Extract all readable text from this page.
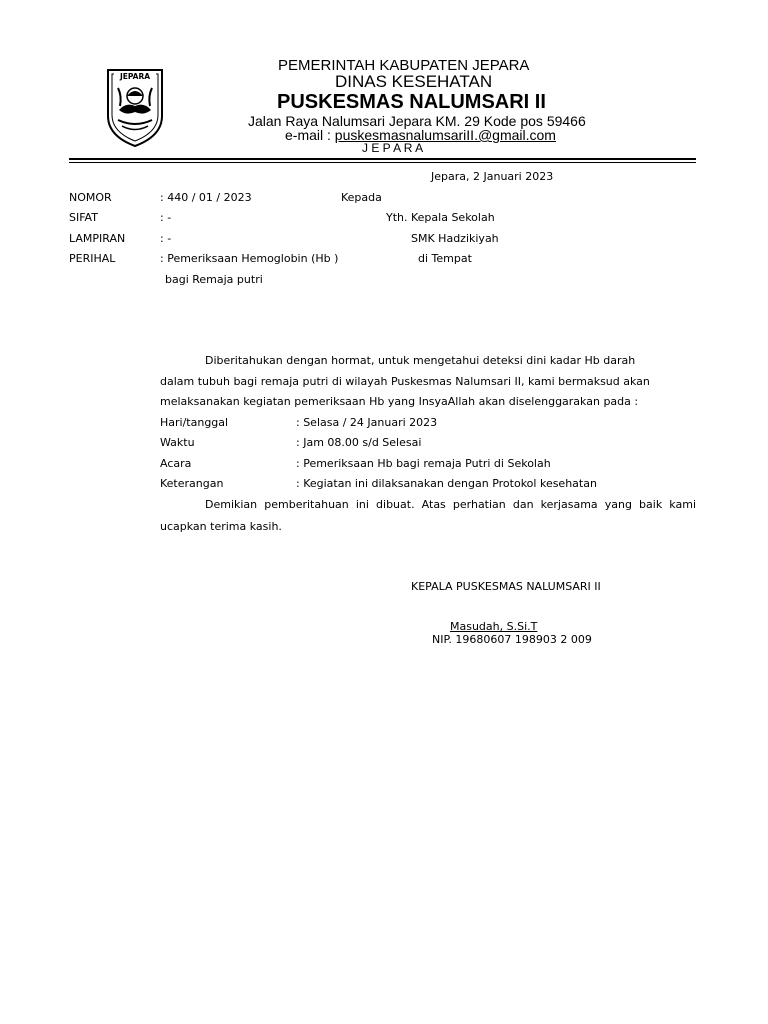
JEPARA
PEMERINTAH KABUPATEN JEPARA
DINAS KESEHATAN
PUSKESMAS NALUMSARI II
Jalan Raya Nalumsari Jepara KM. 29 Kode pos 59466
e-mail : puskesmasnalumsariII.@gmail.com
J E P A R A
Jepara, 2 Januari 2023
NOMOR	: 440 / 01 / 2023	Kepada
SIFAT	: -	Yth. Kepala Sekolah
LAMPIRAN	: -	SMK Hadzikiyah
PERIHAL	: Pemeriksaan Hemoglobin (Hb )	di Tempat
bagi Remaja putri
Diberitahukan dengan hormat, untuk mengetahui deteksi dini kadar Hb darah
dalam tubuh bagi remaja putri di wilayah Puskesmas Nalumsari II, kami bermaksud akan
melaksanakan kegiatan pemeriksaan Hb yang InsyaAllah akan diselenggarakan pada :
Hari/tanggal	: Selasa / 24 Januari 2023
Waktu	: Jam 08.00 s/d Selesai
Acara	: Pemeriksaan Hb bagi remaja Putri di Sekolah
Keterangan	: Kegiatan ini dilaksanakan dengan Protokol kesehatan
Demikian pemberitahuan ini dibuat. Atas perhatian dan kerjasama yang baik kami
ucapkan terima kasih.
KEPALA PUSKESMAS NALUMSARI II
Masudah, S.Si.T
NIP. 19680607 198903 2 009
